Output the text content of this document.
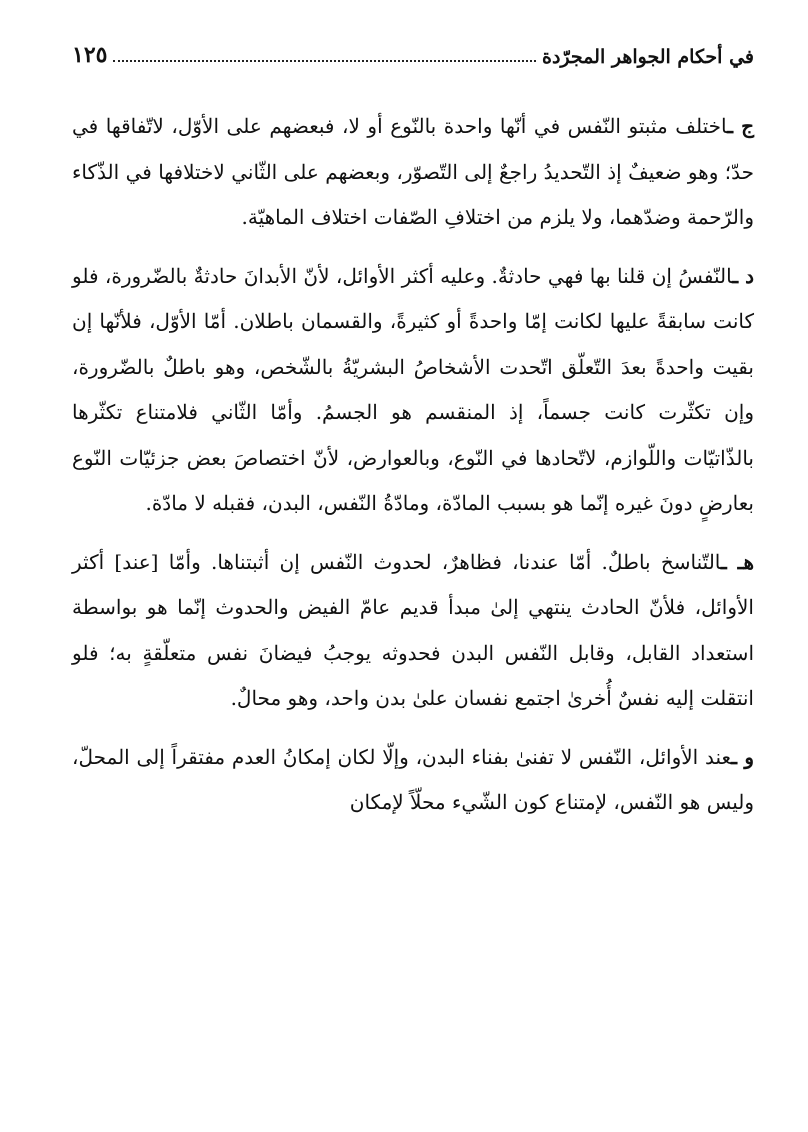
في أحكام الجواهر المجرّدة
١٢٥

ج ـاختلف مثبتو النّفس في أنّها واحدة بالنّوع أو لا، فبعضهم على الأوّل، لاتّفاقها في حدّ؛ وهو ضعيفٌ إذ التّحديدُ راجعٌ إلى التّصوّر، وبعضهم على الثّاني لاختلافها في الذّكاء والرّحمة وضدّهما، ولا يلزم من اختلافِ الصّفات اختلاف الماهيّة.

د ـالنّفسُ إن قلنا بها فهي حادثةٌ. وعليه أكثر الأوائل، لأنّ الأبدانَ حادثةٌ بالضّرورة، فلو كانت سابقةً عليها لكانت إمّا واحدةً أو كثيرةً، والقسمان باطلان. أمّا الأوّل، فلأنّها إن بقيت واحدةً بعدَ التّعلّق اتّحدت الأشخاصُ البشريّةُ بالشّخص، وهو باطلٌ بالضّرورة، وإن تكثّرت كانت جسماً، إذ المنقسم هو الجسمُ. وأمّا الثّاني فلامتناع تكثّرها بالذّاتيّات واللّوازم، لاتّحادها في النّوع، وبالعوارض، لأنّ اختصاصَ بعض جزئيّات النّوع بعارضٍ دونَ غيره إنّما هو بسبب المادّة، ومادّةُ النّفس، البدن، فقبله لا مادّة.

هـ ـالتّناسخ باطلٌ. أمّا عندنا، فظاهرٌ، لحدوث النّفس إن أثبتناها. وأمّا [عند] أكثر الأوائل، فلأنّ الحادث ينتهي إلىٰ مبدأ قديم عامّ الفيض والحدوث إنّما هو بواسطة استعداد القابل، وقابل النّفس البدن فحدوثه يوجبُ فيضانَ نفس متعلّقةٍ به؛ فلو انتقلت إليه نفسٌ أُخرىٰ اجتمع نفسان علىٰ بدن واحد، وهو محالٌ.

و ـعند الأوائل، النّفس لا تفنىٰ بفناء البدن، وإلّا لكان إمكانُ العدم مفتقراً إلى المحلّ، وليس هو النّفس، لإمتناع كون الشّيء محلّاً لإمكان
